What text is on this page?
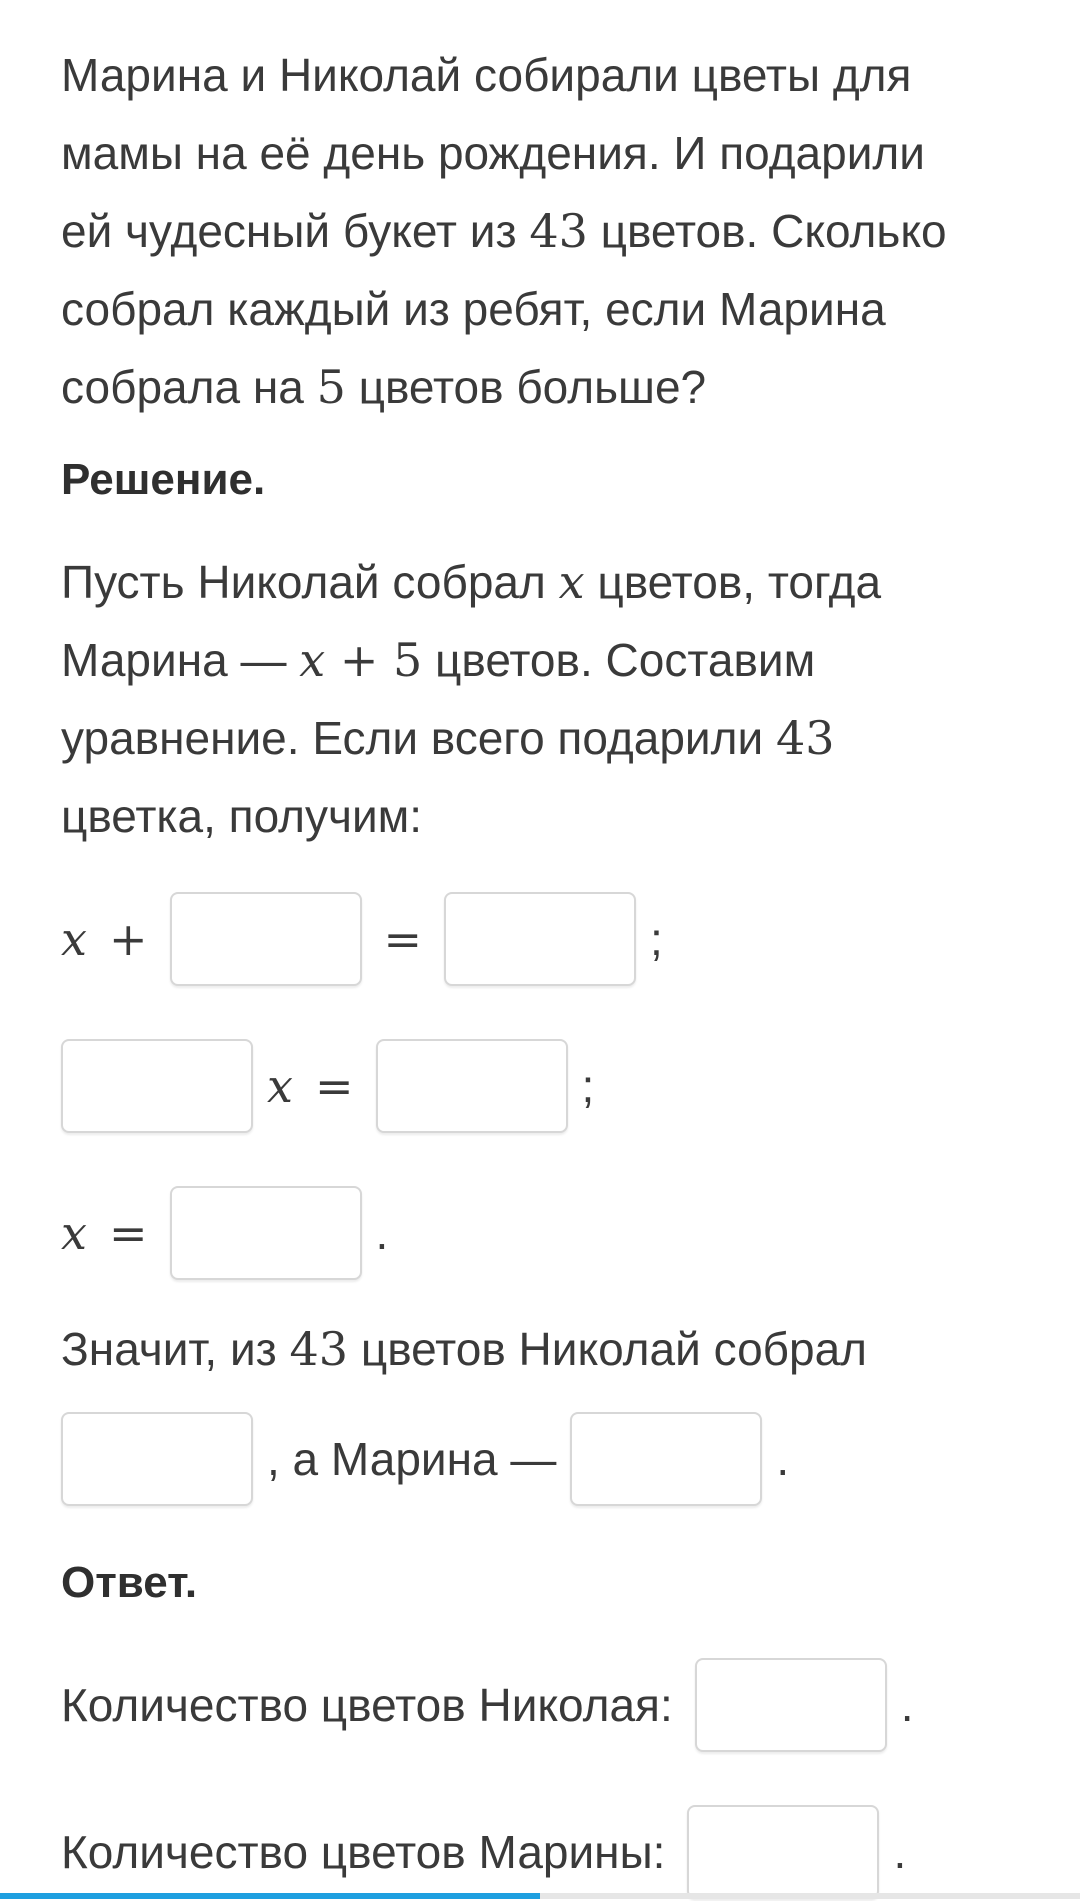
Марина и Николай собирали цветы для
мамы на её день рождения. И подарили
ей чудесный букет из 43 цветов. Сколько
собрал каждый из ребят, если Марина
собрала на 5 цветов больше?

Решение.

Пусть Николай собрал x цветов, тогда
Марина — x + 5 цветов. Составим
уравнение. Если всего подарили 43
цветка, получим:

x +	=	;
x =	;
x =	.
Значит, из 43 цветов Николай собрал
, а Марина —	.
Ответ.
Количество цветов Николая:	.
Количество цветов Марины:	.
